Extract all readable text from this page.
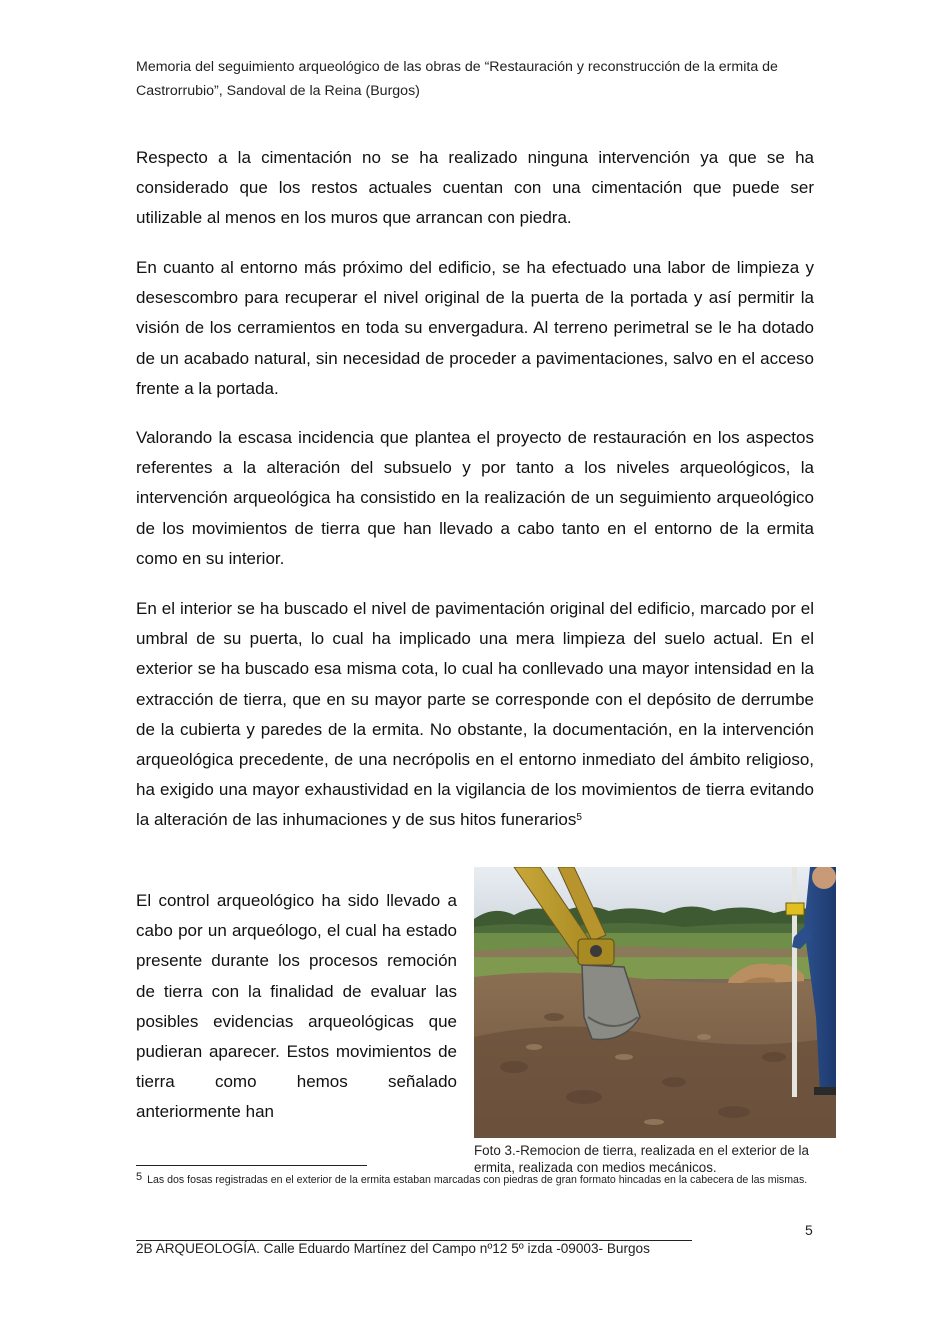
Memoria del seguimiento arqueológico de las obras de “Restauración y reconstrucción de la ermita de Castrorrubio”, Sandoval de la Reina (Burgos)

Respecto a la cimentación no se ha realizado ninguna intervención ya que se ha considerado que los restos actuales cuentan con una cimentación que puede ser utilizable al menos en los muros que arrancan con piedra.

En cuanto al entorno más próximo del edificio, se ha efectuado una labor de limpieza y desescombro para recuperar el nivel original de la puerta de la portada y así permitir la visión de los cerramientos en toda su envergadura. Al terreno perimetral se le ha dotado de un acabado natural, sin necesidad de proceder a pavimentaciones, salvo en el acceso frente a la portada.

Valorando la escasa incidencia que plantea el proyecto de restauración en los aspectos referentes a la alteración del subsuelo y por tanto a los niveles arqueológicos, la intervención arqueológica ha consistido en la realización de un seguimiento arqueológico de los movimientos de tierra que han llevado a cabo tanto en el entorno de la ermita como en su interior.

En el interior se ha buscado el nivel de pavimentación original del edificio, marcado por el umbral de su puerta, lo cual ha implicado una mera limpieza del suelo actual. En el exterior se ha buscado esa misma cota, lo cual ha conllevado una mayor intensidad en la extracción de tierra, que en su mayor parte se corresponde con el depósito de derrumbe de la cubierta y paredes de la ermita. No obstante, la documentación, en la intervención arqueológica precedente, de una necrópolis en el entorno inmediato del ámbito religioso, ha exigido una mayor exhaustividad en la vigilancia de los movimientos de tierra evitando la alteración de las inhumaciones y de sus hitos funerarios$^5$

El control arqueológico ha sido llevado a cabo por un arqueólogo, el cual ha estado presente durante los procesos remoción de tierra con la finalidad de evaluar las posibles evidencias arqueológicas que pudieran aparecer. Estos movimientos de tierra como hemos señalado anteriormente han

Foto 3.-Remocion de tierra, realizada en el exterior de la ermita, realizada con medios mecánicos.
5 Las dos fosas registradas en el exterior de la ermita estaban marcadas con piedras de gran formato hincadas en la cabecera de las mismas.
5
2B ARQUEOLOGÍA. Calle Eduardo Martínez del Campo nº12 5º izda -09003- Burgos
